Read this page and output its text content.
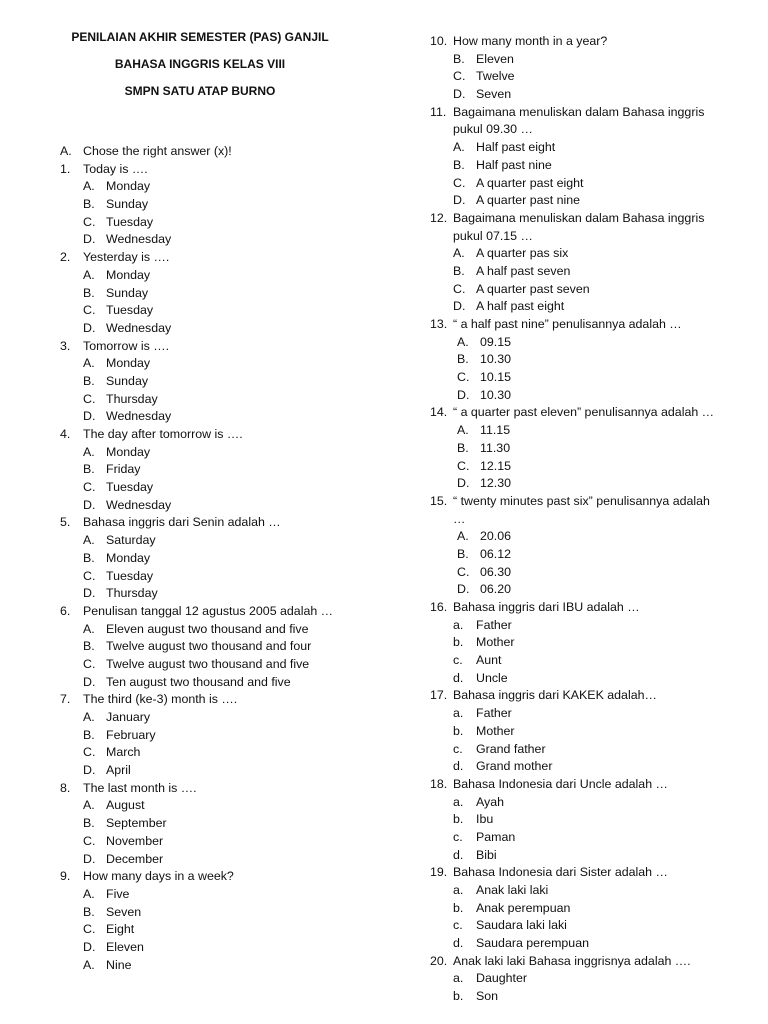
PENILAIAN AKHIR SEMESTER (PAS) GANJIL
BAHASA INGGRIS KELAS VIII
SMPN SATU ATAP BURNO
A. Chose the right answer (x)!
1.	Today is ….
A. Monday
B. Sunday
C. Tuesday
D. Wednesday
2.	Yesterday is ….
A. Monday
B. Sunday
C. Tuesday
D. Wednesday
3.	Tomorrow is ….
A. Monday
B. Sunday
C. Thursday
D. Wednesday
4.	The day after tomorrow is ….
A. Monday
B. Friday
C. Tuesday
D. Wednesday
5.	Bahasa inggris dari Senin adalah …
A. Saturday
B. Monday
C. Tuesday
D. Thursday
6.	Penulisan tanggal 12 agustus 2005 adalah …
A. Eleven august two thousand and five
B. Twelve august two thousand and four
C. Twelve august two thousand and five
D. Ten august two thousand and five
7.	The third (ke-3) month is ….
A. January
B. February
C. March
D. April
8.	The last month is ….
A. August
B. September
C. November
D. December
9.	How many days in a week?
A. Five
B. Seven
C. Eight
D. Eleven
A. Nine
10. How many month in a year?
B. Eleven
C. Twelve
D. Seven
11. Bagaimana menuliskan dalam Bahasa inggris
pukul 09.30 …
A. Half past eight
B. Half past nine
C. A quarter past eight
D. A quarter past nine
12. Bagaimana menuliskan dalam Bahasa inggris
pukul 07.15 …
A. A quarter pas six
B. A half past seven
C. A quarter past seven
D. A half past eight
13. “ a half past nine” penulisannya adalah …
A. 09.15
B. 10.30
C. 10.15
D. 10.30
14. “ a quarter past eleven” penulisannya adalah …
A. 11.15
B. 11.30
C. 12.15
D. 12.30
15. “ twenty minutes past six” penulisannya adalah
…
A. 20.06
B. 06.12
C. 06.30
D. 06.20
16. Bahasa inggris dari IBU adalah …
a.	Father
b.	Mother
c.	Aunt
d.	Uncle
17. Bahasa inggris dari KAKEK adalah…
a.	Father
b.	Mother
c.	Grand father
d.	Grand mother
18. Bahasa Indonesia dari Uncle adalah …
a.	Ayah
b.	Ibu
c.	Paman
d.	Bibi
19. Bahasa Indonesia dari Sister adalah …
a.	Anak laki laki
b.	Anak perempuan
c.	Saudara laki laki
d.	Saudara perempuan
20. Anak laki laki Bahasa inggrisnya adalah ….
a.	Daughter
b.	Son
